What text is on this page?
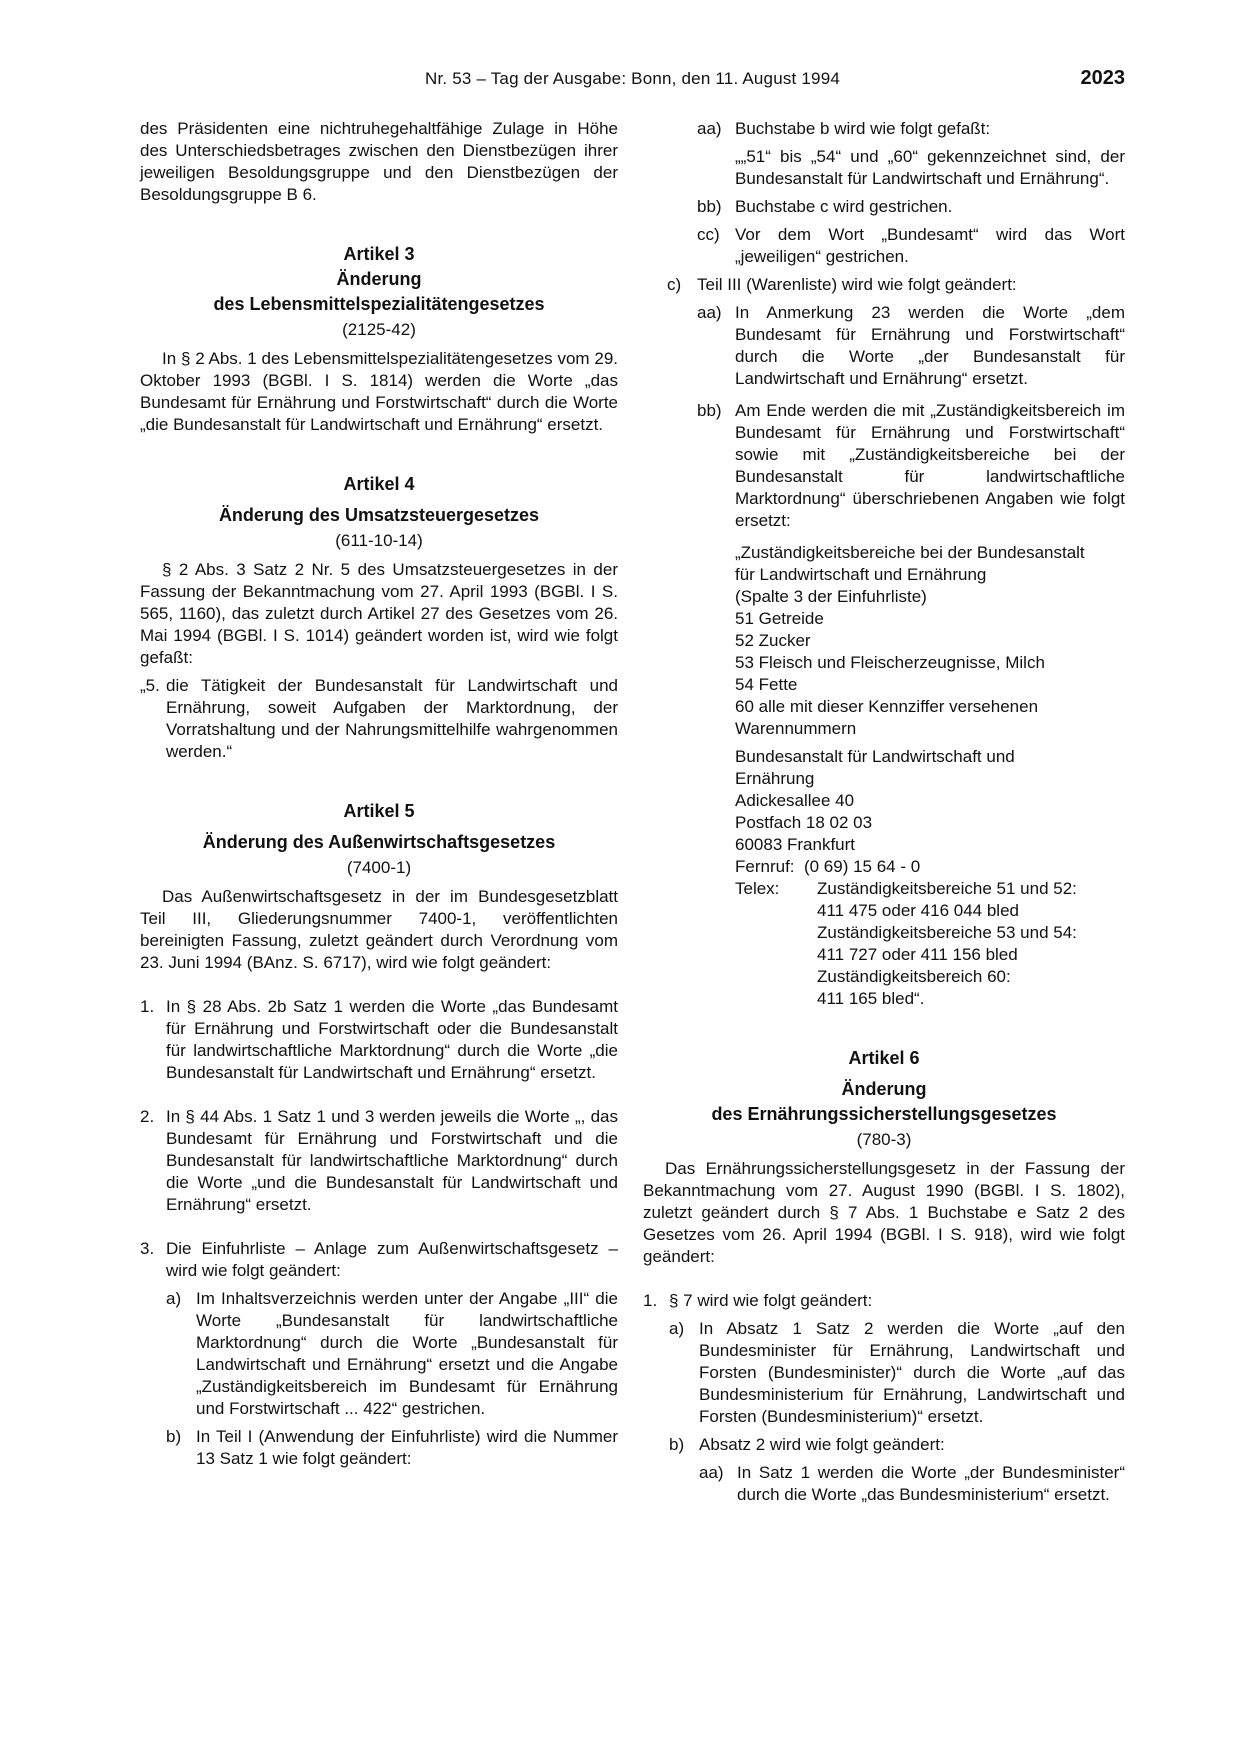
Nr. 53 – Tag der Ausgabe: Bonn, den 11. August 1994	2023

des Präsidenten eine nichtruhegehaltfähige Zulage in Höhe des Unterschiedsbetrages zwischen den Dienstbezügen ihrer jeweiligen Besoldungsgruppe und den Dienstbezügen der Besoldungsgruppe B 6.

Artikel 3
Änderung
des Lebensmittelspezialitätengesetzes
(2125-42)

In § 2 Abs. 1 des Lebensmittelspezialitätengesetzes vom 29. Oktober 1993 (BGBl. I S. 1814) werden die Worte „das Bundesamt für Ernährung und Forstwirtschaft“ durch die Worte „die Bundesanstalt für Landwirtschaft und Ernährung“ ersetzt.

Artikel 4
Änderung des Umsatzsteuergesetzes
(611-10-14)

§ 2 Abs. 3 Satz 2 Nr. 5 des Umsatzsteuergesetzes in der Fassung der Bekanntmachung vom 27. April 1993 (BGBl. I S. 565, 1160), das zuletzt durch Artikel 27 des Gesetzes vom 26. Mai 1994 (BGBl. I S. 1014) geändert worden ist, wird wie folgt gefaßt:

„5. die Tätigkeit der Bundesanstalt für Landwirtschaft und Ernährung, soweit Aufgaben der Marktordnung, der Vorratshaltung und der Nahrungsmittelhilfe wahrgenommen werden.“
Artikel 5
Änderung des Außenwirtschaftsgesetzes
(7400-1)

Das Außenwirtschaftsgesetz in der im Bundesgesetzblatt Teil III, Gliederungsnummer 7400-1, veröffentlichten bereinigten Fassung, zuletzt geändert durch Verordnung vom 23. Juni 1994 (BAnz. S. 6717), wird wie folgt geändert:

1. In § 28 Abs. 2b Satz 1 werden die Worte „das Bundesamt für Ernährung und Forstwirtschaft oder die Bundesanstalt für landwirtschaftliche Marktordnung“ durch die Worte „die Bundesanstalt für Landwirtschaft und Ernährung“ ersetzt.
2. In § 44 Abs. 1 Satz 1 und 3 werden jeweils die Worte „, das Bundesamt für Ernährung und Forstwirtschaft und die Bundesanstalt für landwirtschaftliche Marktordnung“ durch die Worte „und die Bundesanstalt für Landwirtschaft und Ernährung“ ersetzt.
3. Die Einfuhrliste – Anlage zum Außenwirtschaftsgesetz – wird wie folgt geändert:
a) Im Inhaltsverzeichnis werden unter der Angabe „III“ die Worte „Bundesanstalt für landwirtschaftliche Marktordnung“ durch die Worte „Bundesanstalt für Landwirtschaft und Ernährung“ ersetzt und die Angabe „Zuständigkeitsbereich im Bundesamt für Ernährung und Forstwirtschaft ... 422“ gestrichen.
b) In Teil I (Anwendung der Einfuhrliste) wird die Nummer 13 Satz 1 wie folgt geändert:
aa) Buchstabe b wird wie folgt gefaßt:

„„51“ bis „54“ und „60“ gekennzeichnet sind, der Bundesanstalt für Landwirtschaft und Ernährung“.

bb) Buchstabe c wird gestrichen.
cc) Vor dem Wort „Bundesamt“ wird das Wort „jeweiligen“ gestrichen.
c) Teil III (Warenliste) wird wie folgt geändert:
aa) In Anmerkung 23 werden die Worte „dem Bundesamt für Ernährung und Forstwirtschaft“ durch die Worte „der Bundesanstalt für Landwirtschaft und Ernährung“ ersetzt.
bb) Am Ende werden die mit „Zuständigkeitsbereich im Bundesamt für Ernährung und Forstwirtschaft“ sowie mit „Zuständigkeitsbereiche bei der Bundesanstalt für landwirtschaftliche Marktordnung“ überschriebenen Angaben wie folgt ersetzt:
„Zuständigkeitsbereiche bei der Bundesanstalt
für Landwirtschaft und Ernährung
(Spalte 3 der Einfuhrliste)
51 Getreide
52 Zucker
53 Fleisch und Fleischerzeugnisse, Milch
54 Fette
60 alle mit dieser Kennziffer versehenen
Warennummern
Bundesanstalt für Landwirtschaft und
Ernährung
Adickesallee 40
Postfach 18 02 03
60083 Frankfurt
Fernruf:  (0 69) 15 64 - 0
Telex: Zuständigkeitsbereiche 51 und 52:
411 475 oder 416 044 bled
Zuständigkeitsbereiche 53 und 54:
411 727 oder 411 156 bled
Zuständigkeitsbereich 60:
411 165 bled“.
Artikel 6
Änderung
des Ernährungssicherstellungsgesetzes
(780-3)

Das Ernährungssicherstellungsgesetz in der Fassung der Bekanntmachung vom 27. August 1990 (BGBl. I S. 1802), zuletzt geändert durch § 7 Abs. 1 Buchstabe e Satz 2 des Gesetzes vom 26. April 1994 (BGBl. I S. 918), wird wie folgt geändert:

1. § 7 wird wie folgt geändert:
a) In Absatz 1 Satz 2 werden die Worte „auf den Bundesminister für Ernährung, Landwirtschaft und Forsten (Bundesminister)“ durch die Worte „auf das Bundesministerium für Ernährung, Landwirtschaft und Forsten (Bundesministerium)“ ersetzt.
b) Absatz 2 wird wie folgt geändert:
aa) In Satz 1 werden die Worte „der Bundesminister“ durch die Worte „das Bundesministerium“ ersetzt.
